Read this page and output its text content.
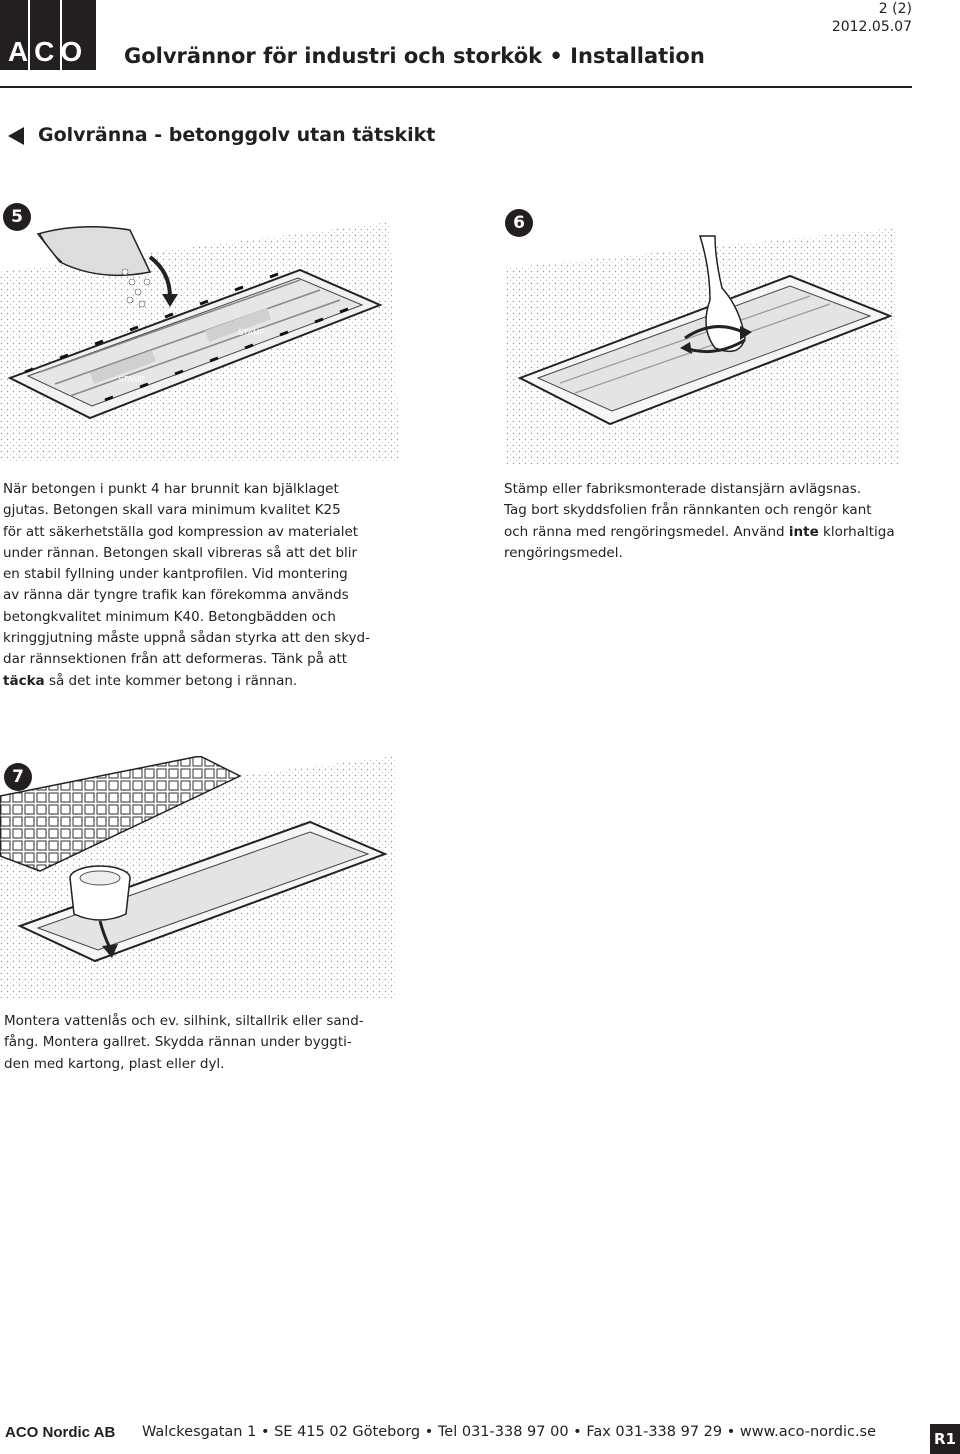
ACO	Golvrännor för industri och storkök • Installation
2 (2)
2012.05.07
Golvränna - betonggolv utan tätskikt
5
STAMP
STAMP
När betongen i punkt 4 har brunnit kan bjälklaget
gjutas. Betongen skall vara minimum kvalitet K25
för att säkerhetställa god kompression av materialet
under rännan. Betongen skall vibreras så att det blir
en stabil fyllning under kantprofilen. Vid montering
av ränna där tyngre trafik kan förekomma används
betongkvalitet minimum K40. Betongbädden och
kringgjutning måste uppnå sådan styrka att den skyd-
dar rännsektionen från att deformeras. Tänk på att
täcka så det inte kommer betong i rännan.
6
Stämp eller fabriksmonterade distansjärn avlägsnas.
Tag bort skyddsfolien från rännkanten och rengör kant
och ränna med rengöringsmedel. Använd inte klorhaltiga
rengöringsmedel.
7
Montera vattenlås och ev. silhink, siltallrik eller sand-
fång. Montera gallret. Skydda rännan under byggti-
den med kartong, plast eller dyl.
ACO Nordic AB Walckesgatan 1 • SE 415 02 Göteborg • Tel 031-338 97 00 • Fax 031-338 97 29 • www.aco-nordic.se	R1
